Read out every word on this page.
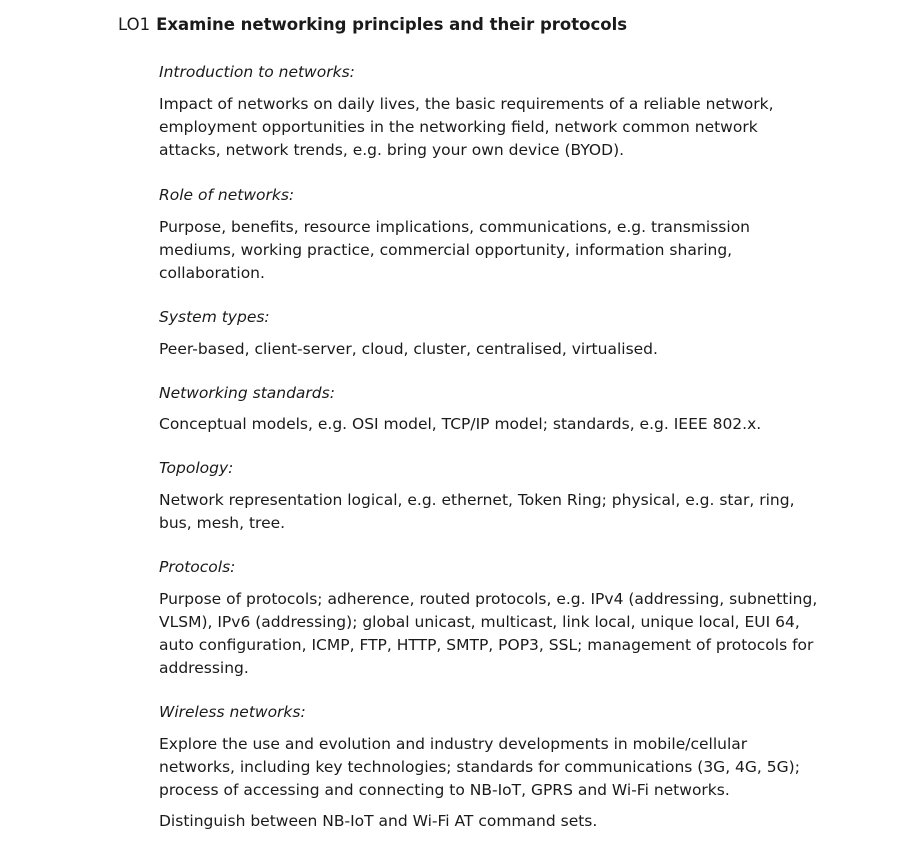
LO1 Examine networking principles and their protocols
Introduction to networks:
Impact of networks on daily lives, the basic requirements of a reliable network, employment opportunities in the networking field, network common network attacks, network trends, e.g. bring your own device (BYOD).
Role of networks:
Purpose, benefits, resource implications, communications, e.g. transmission mediums, working practice, commercial opportunity, information sharing, collaboration.
System types:
Peer-based, client-server, cloud, cluster, centralised, virtualised.
Networking standards:
Conceptual models, e.g. OSI model, TCP/IP model; standards, e.g. IEEE 802.x.
Topology:
Network representation logical, e.g. ethernet, Token Ring; physical, e.g. star, ring, bus, mesh, tree.
Protocols:
Purpose of protocols; adherence, routed protocols, e.g. IPv4 (addressing, subnetting, VLSM), IPv6 (addressing); global unicast, multicast, link local, unique local, EUI 64, auto configuration, ICMP, FTP, HTTP, SMTP, POP3, SSL; management of protocols for addressing.
Wireless networks:
Explore the use and evolution and industry developments in mobile/cellular networks, including key technologies; standards for communications (3G, 4G, 5G); process of accessing and connecting to NB-IoT, GPRS and Wi-Fi networks.
Distinguish between NB-IoT and Wi-Fi AT command sets.
